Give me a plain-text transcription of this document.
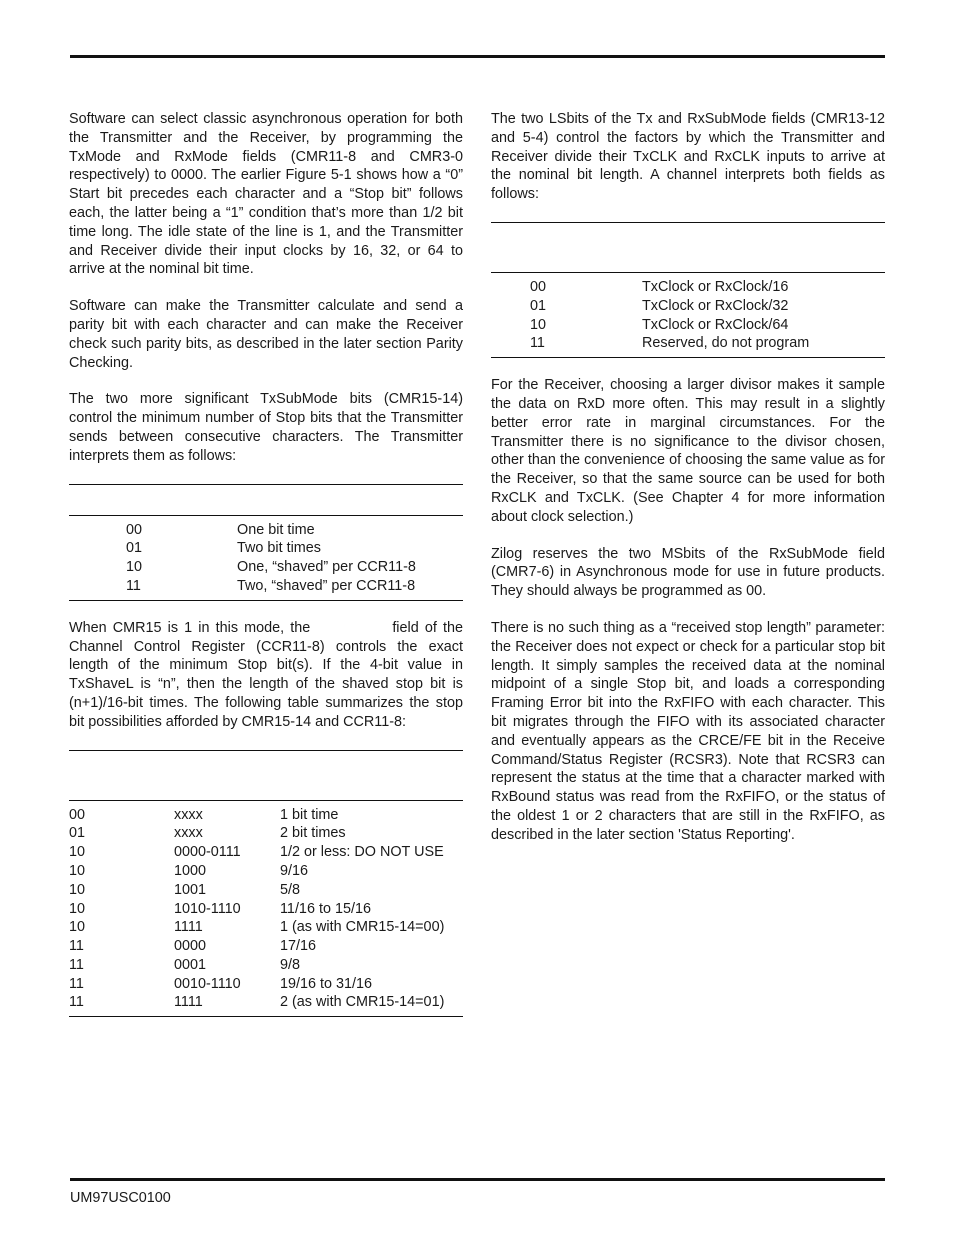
Software can select classic asynchronous operation for both the Transmitter and the Receiver, by programming the TxMode and RxMode fields (CMR11-8 and CMR3-0 respectively) to 0000. The earlier Figure 5-1 shows how a “0” Start bit precedes each character and a “Stop bit” follows each, the latter being a “1” condition that’s more than 1/2 bit time long. The idle state of the line is 1, and the Transmitter and Receiver divide their input clocks by 16, 32, or 64 to arrive at the nominal bit time.

Software can make the Transmitter calculate and send a parity bit with each character and can make the Receiver check such parity bits, as described in the later section Parity Checking.

The two more significant TxSubMode bits (CMR15-14) control the minimum number of Stop bits that the Transmitter sends between consecutive characters. The Transmitter interprets them as follows:

00	One bit time
01	Two bit times
10	One, “shaved” per CCR11-8
11	Two, “shaved” per CCR11-8

When CMR15 is 1 in this mode, the	field of the Channel Control Register (CCR11-8) controls the exact length of the minimum Stop bit(s). If the 4-bit value in TxShaveL is “n”, then the length of the shaved stop bit is (n+1)/16-bit times. The following table summarizes the stop bit possibilities afforded by CMR15-14 and CCR11-8:

00	xxxx	1 bit time
01	xxxx	2 bit times
10	0000-0111	1/2 or less: DO NOT USE
10	1000	9/16
10	1001	5/8
10	1010-1110	11/16 to 15/16
10	1111	1 (as with CMR15-14=00)
11	0000	17/16
11	0001	9/8
11	0010-1110	19/16 to 31/16
11	1111	2 (as with CMR15-14=01)

The two LSbits of the Tx and RxSubMode fields (CMR13-12 and 5-4) control the factors by which the Transmitter and Receiver divide their TxCLK and RxCLK inputs to arrive at the nominal bit length. A channel interprets both fields as follows:

00	TxClock or RxClock/16
01	TxClock or RxClock/32
10	TxClock or RxClock/64
11	Reserved, do not program

For the Receiver, choosing a larger divisor makes it sample the data on RxD more often. This may result in a slightly better error rate in marginal circumstances. For the Transmitter there is no significance to the divisor chosen, other than the convenience of choosing the same value as for the Receiver, so that the same source can be used for both RxCLK and TxCLK. (See Chapter 4 for more information about clock selection.)

Zilog reserves the two MSbits of the RxSubMode field (CMR7-6) in Asynchronous mode for use in future products. They should always be programmed as 00.

There is no such thing as a “received stop length” parameter: the Receiver does not expect or check for a particular stop bit length. It simply samples the received data at the nominal midpoint of a single Stop bit, and loads a corresponding Framing Error bit into the RxFIFO with each character. This bit migrates through the FIFO with its associated character and eventually appears as the CRCE/FE bit in the Receive Command/Status Register (RCSR3). Note that RCSR3 can represent the status at the time that a character marked with RxBound status was read from the RxFIFO, or the status of the oldest 1 or 2 characters that are still in the RxFIFO, as described in the later section 'Status Reporting'.

UM97USC0100
